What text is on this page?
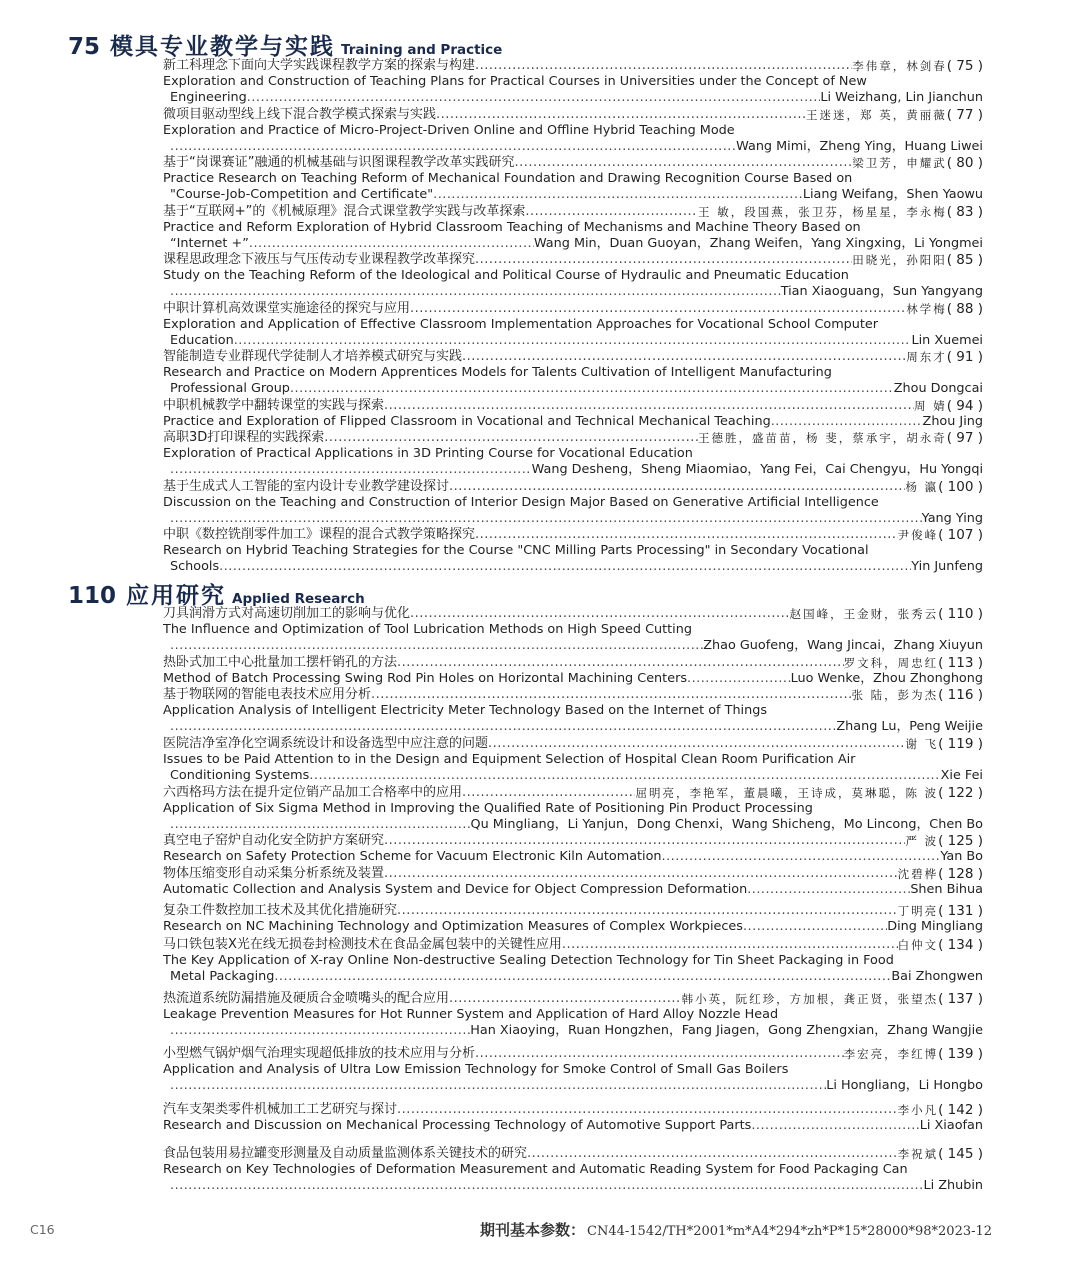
75 模具专业教学与实践 Training and Practice
110 应用研究 Applied Research
新工科理念下面向大学实践课程教学方案的探索与构建 .....	李伟章，林剑春( 75 )
Exploration and Construction of Teaching Plans for Practical Courses in Universities under the Concept of New
Engineering .....	Li Weizhang, Lin Jianchun
微项目驱动型线上线下混合教学模式探索与实践 .....	王迷迷，郑 英，黄丽薇( 77 )
Exploration and Practice of Micro-Project-Driven Online and Offline Hybrid Teaching Mode
.....
Wang Mimi，Zheng Ying，Huang Liwei
基于“岗课赛证”融通的机械基础与识图课程教学改革实践研究 .....	梁卫芳，申耀武( 80 )
Practice Research on Teaching Reform of Mechanical Foundation and Drawing Recognition Course Based on
"Course-Job-Competition and Certificate" .....	Liang Weifang，Shen Yaowu
基于“互联网+”的《机械原理》混合式课堂教学实践与改革探索 .....	王 敏，段国燕，张卫芬，杨星星，李永梅( 83 )
Practice and Reform Exploration of Hybrid Classroom Teaching of Mechanisms and Machine Theory Based on
“Internet +” .....	Wang Min，Duan Guoyan，Zhang Weifen，Yang Xingxing，Li Yongmei
课程思政理念下液压与气压传动专业课程教学改革探究 .....	田晓光，孙阳阳( 85 )
Study on the Teaching Reform of the Ideological and Political Course of Hydraulic and Pneumatic Education
.....
Tian Xiaoguang，Sun Yangyang
中职计算机高效课堂实施途径的探究与应用 .....	林学梅( 88 )
Exploration and Application of Effective Classroom Implementation Approaches for Vocational School Computer
Education .....	Lin Xuemei
智能制造专业群现代学徒制人才培养模式研究与实践 .....	周东才( 91 )
Research and Practice on Modern Apprentices Models for Talents Cultivation of Intelligent Manufacturing
Professional Group .....	Zhou Dongcai
中职机械教学中翻转课堂的实践与探索 .....	周 婧( 94 )
Practice and Exploration of Flipped Classroom in Vocational and Technical Mechanical Teaching .....	Zhou Jing
高职3D打印课程的实践探索 .....	王德胜，盛苗苗，杨 斐，蔡承宇，胡永奇( 97 )
Exploration of Practical Applications in 3D Printing Course for Vocational Education
.....
Wang Desheng，Sheng Miaomiao，Yang Fei，Cai Chengyu，Hu Yongqi
基于生成式人工智能的室内设计专业教学建设探讨 .....	杨 瀛( 100 )
Discussion on the Teaching and Construction of Interior Design Major Based on Generative Artificial Intelligence
.....
Yang Ying
中职《数控铣削零件加工》课程的混合式教学策略探究 .....	尹俊峰( 107 )
Research on Hybrid Teaching Strategies for the Course "CNC Milling Parts Processing" in Secondary Vocational
Schools .....	Yin Junfeng
刀具润滑方式对高速切削加工的影响与优化 .....	赵国峰，王金财，张秀云( 110 )
The Influence and Optimization of Tool Lubrication Methods on High Speed Cutting
.....
Zhao Guofeng，Wang Jincai，Zhang Xiuyun
热卧式加工中心批量加工摆杆销孔的方法 .....	罗文科，周忠红( 113 )
Method of Batch Processing Swing Rod Pin Holes on Horizontal Machining Centers .....	Luo Wenke，Zhou Zhonghong
基于物联网的智能电表技术应用分析 .....	张 陆，彭为杰( 116 )
Application Analysis of Intelligent Electricity Meter Technology Based on the Internet of Things
.....
Zhang Lu，Peng Weijie
医院洁净室净化空调系统设计和设备选型中应注意的问题 .....	谢 飞( 119 )
Issues to be Paid Attention to in the Design and Equipment Selection of Hospital Clean Room Purification Air
Conditioning Systems .....	Xie Fei
六西格玛方法在提升定位销产品加工合格率中的应用 .....	屈明亮，李艳军，董晨曦，王诗成，莫琳聪，陈 波( 122 )
Application of Six Sigma Method in Improving the Qualified Rate of Positioning Pin Product Processing
.....
Qu Mingliang，Li Yanjun，Dong Chenxi，Wang Shicheng，Mo Lincong，Chen Bo
真空电子窑炉自动化安全防护方案研究 .....	严 波( 125 )
Research on Safety Protection Scheme for Vacuum Electronic Kiln Automation .....	Yan Bo
物体压缩变形自动采集分析系统及装置 .....	沈碧桦( 128 )
Automatic Collection and Analysis System and Device for Object Compression Deformation .....	Shen Bihua
复杂工件数控加工技术及其优化措施研究 .....	丁明亮( 131 )
Research on NC Machining Technology and Optimization Measures of Complex Workpieces .....	Ding Mingliang
马口铁包装X光在线无损卷封检测技术在食品金属包装中的关键性应用 .....	白仲文( 134 )
The Key Application of X-ray Online Non-destructive Sealing Detection Technology for Tin Sheet Packaging in Food
Metal Packaging .....	Bai Zhongwen
热流道系统防漏措施及硬质合金喷嘴头的配合应用 .....	韩小英，阮红珍，方加根，龚正贤，张望杰( 137 )
Leakage Prevention Measures for Hot Runner System and Application of Hard Alloy Nozzle Head
.....
Han Xiaoying，Ruan Hongzhen，Fang Jiagen，Gong Zhengxian，Zhang Wangjie
小型燃气锅炉烟气治理实现超低排放的技术应用与分析 .....	李宏亮，李红博( 139 )
Application and Analysis of Ultra Low Emission Technology for Smoke Control of Small Gas Boilers
.....
Li Hongliang，Li Hongbo
汽车支架类零件机械加工工艺研究与探讨 .....	李小凡( 142 )
Research and Discussion on Mechanical Processing Technology of Automotive Support Parts .....	Li Xiaofan
食品包装用易拉罐变形测量及自动质量监测体系关键技术的研究 .....	李祝斌( 145 )
Research on Key Technologies of Deformation Measurement and Automatic Reading System for Food Packaging Can
.....
Li Zhubin
C16	期刊基本参数： CN44-1542/TH*2001*m*A4*294*zh*P*15*28000*98*2023-12
